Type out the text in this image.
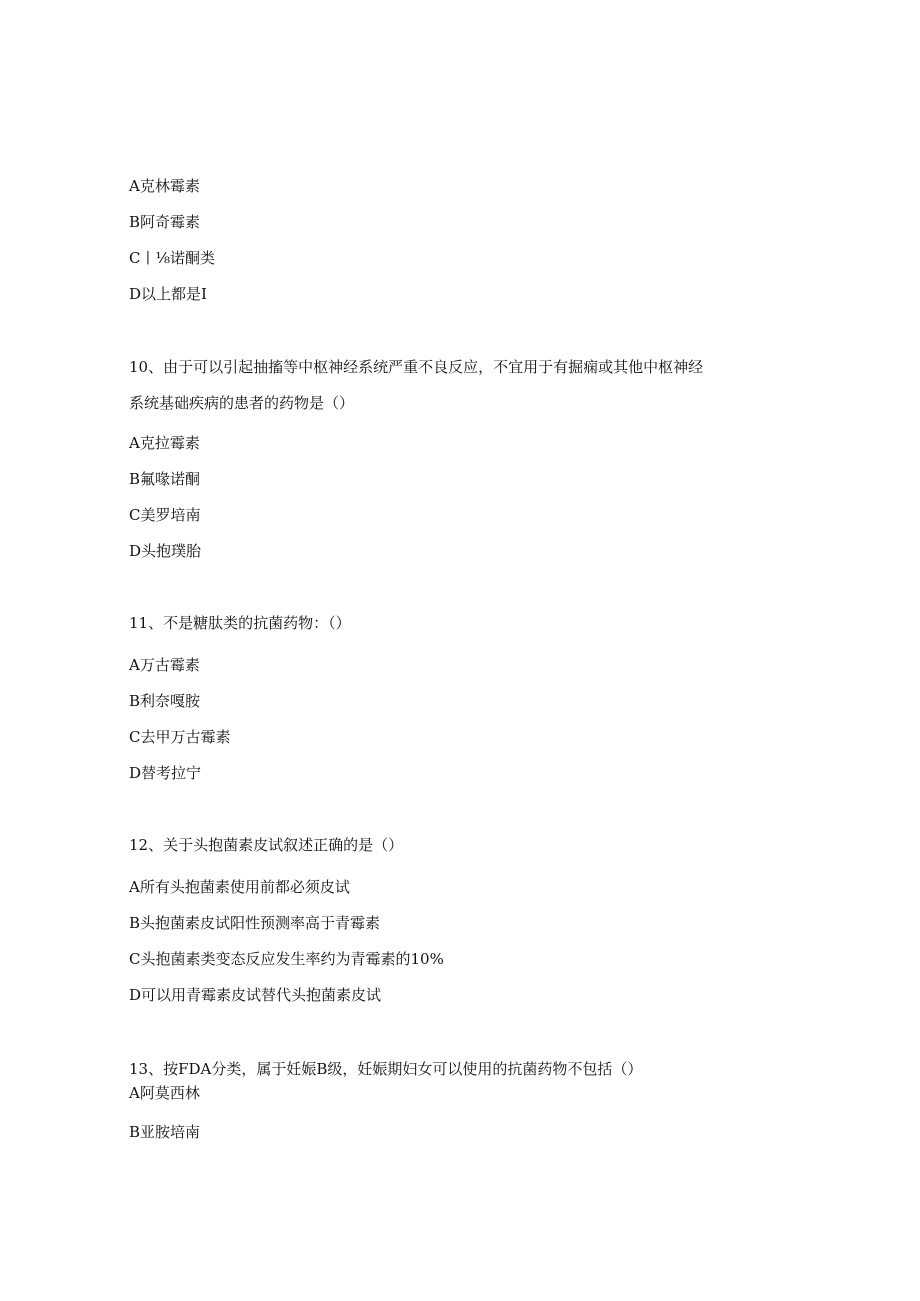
A克林霉素
B阿奇霉素
C丨⅛诺酮类
D以上都是I
10、由于可以引起抽搐等中枢神经系统严重不良反应，不宜用于有掘痫或其他中枢神经
系统基础疾病的患者的药物是（）
A克拉霉素
B氟喙诺酮
C美罗培南
D头抱璞胎
11、不是糖肽类的抗菌药物：（）
A万古霉素
B利奈嘎胺
C去甲万古霉素
D替考拉宁
12、关于头抱菌素皮试叙述正确的是（）
A所有头抱菌素使用前都必须皮试
B头抱菌素皮试阳性预测率高于青霉素
C头抱菌素类变态反应发生率约为青霉素的10%
D可以用青霉素皮试替代头抱菌素皮试
13、按FDA分类，属于妊娠B级，妊娠期妇女可以使用的抗菌药物不包括（）
A阿莫西林
B亚胺培南
